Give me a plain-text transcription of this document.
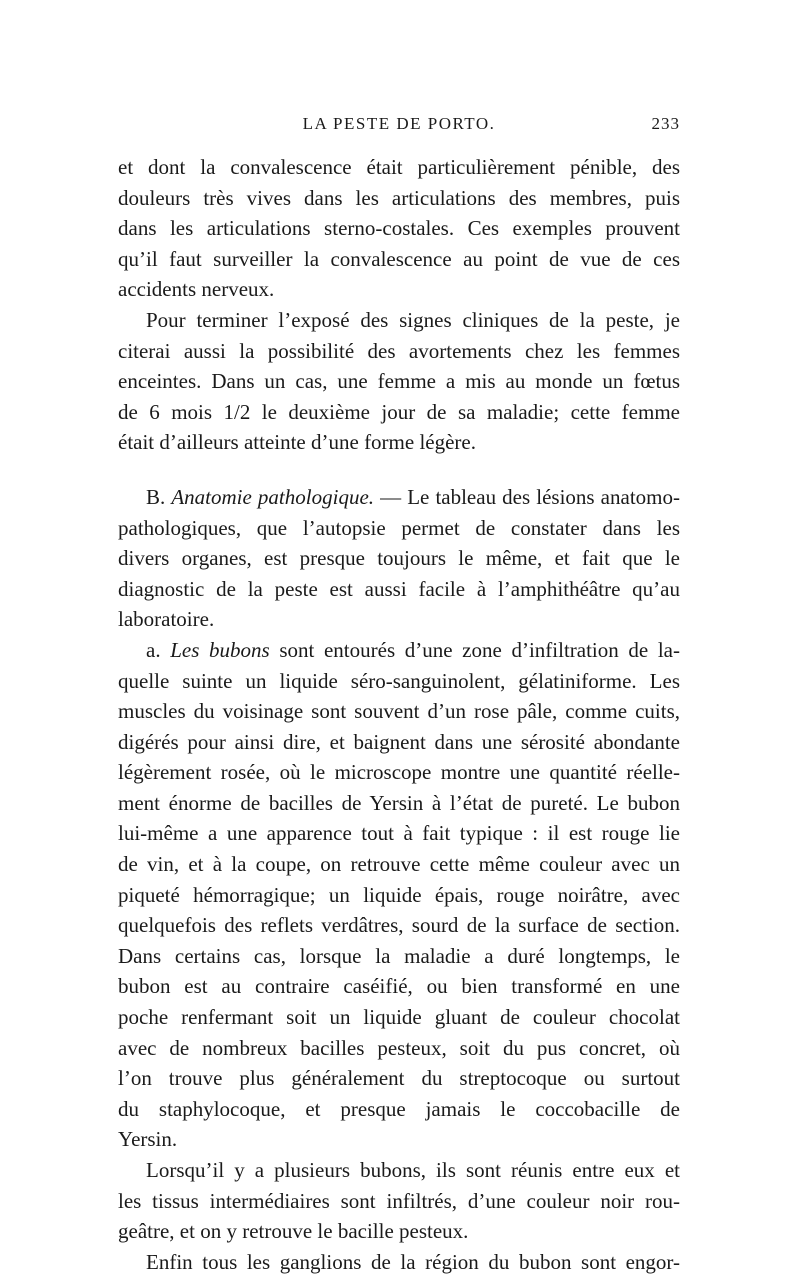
LA PESTE DE PORTO.	233

et dont la convalescence était particulièrement pénible, des
douleurs très vives dans les articulations des membres, puis
dans les articulations sterno-costales. Ces exemples prouvent
qu’il faut surveiller la convalescence au point de vue de ces
accidents nerveux.

Pour terminer l’exposé des signes cliniques de la peste, je
citerai aussi la possibilité des avortements chez les femmes
enceintes. Dans un cas, une femme a mis au monde un fœtus
de 6 mois 1/2 le deuxième jour de sa maladie; cette femme
était d’ailleurs atteinte d’une forme légère.

B. Anatomie pathologique. — Le tableau des lésions anatomo-
pathologiques, que l’autopsie permet de constater dans les
divers organes, est presque toujours le même, et fait que le
diagnostic de la peste est aussi facile à l’amphithéâtre qu’au
laboratoire.

a. Les bubons sont entourés d’une zone d’infiltration de la-
quelle suinte un liquide séro-sanguinolent, gélatiniforme. Les
muscles du voisinage sont souvent d’un rose pâle, comme cuits,
digérés pour ainsi dire, et baignent dans une sérosité abondante
légèrement rosée, où le microscope montre une quantité réelle-
ment énorme de bacilles de Yersin à l’état de pureté. Le bubon
lui-même a une apparence tout à fait typique : il est rouge lie
de vin, et à la coupe, on retrouve cette même couleur avec un
piqueté hémorragique; un liquide épais, rouge noirâtre, avec
quelquefois des reflets verdâtres, sourd de la surface de section.
Dans certains cas, lorsque la maladie a duré longtemps, le
bubon est au contraire caséifié, ou bien transformé en une
poche renfermant soit un liquide gluant de couleur chocolat
avec de nombreux bacilles pesteux, soit du pus concret, où
l’on trouve plus généralement du streptocoque ou surtout
du staphylocoque, et presque jamais le coccobacille de
Yersin.

Lorsqu’il y a plusieurs bubons, ils sont réunis entre eux et
les tissus intermédiaires sont infiltrés, d’une couleur noir rou-
geâtre, et on y retrouve le bacille pesteux.

Enfin tous les ganglions de la région du bubon sont engor-
